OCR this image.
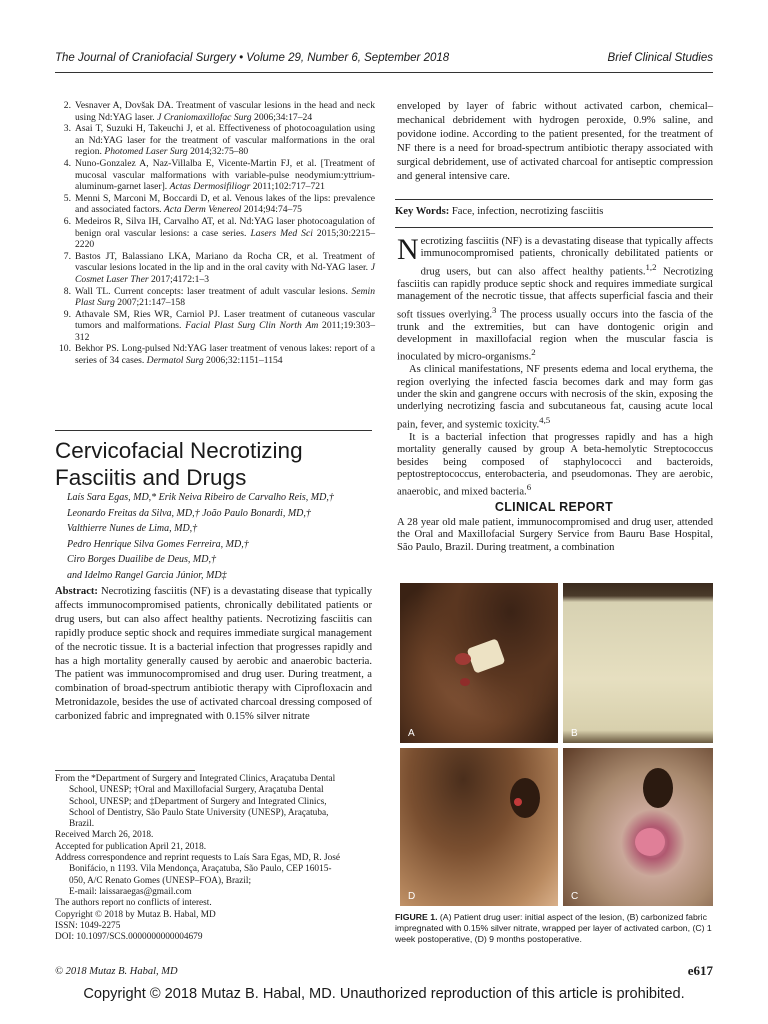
The Journal of Craniofacial Surgery • Volume 29, Number 6, September 2018	Brief Clinical Studies
2. Vesnaver A, Dovšak DA. Treatment of vascular lesions in the head and neck using Nd:YAG laser. J Craniomaxillofac Surg 2006;34:17–24
3. Asai T, Suzuki H, Takeuchi J, et al. Effectiveness of photocoagulation using an Nd:YAG laser for the treatment of vascular malformations in the oral region. Photomed Laser Surg 2014;32:75–80
4. Nuno-Gonzalez A, Naz-Villalba E, Vicente-Martin FJ, et al. [Treatment of mucosal vascular malformations with variable-pulse neodymium:yttrium-aluminum-garnet laser]. Actas Dermosifiliogr 2011;102:717–721
5. Menni S, Marconi M, Boccardi D, et al. Venous lakes of the lips: prevalence and associated factors. Acta Derm Venereol 2014;94:74–75
6. Medeiros R, Silva IH, Carvalho AT, et al. Nd:YAG laser photocoagulation of benign oral vascular lesions: a case series. Lasers Med Sci 2015;30:2215–2220
7. Bastos JT, Balassiano LKA, Mariano da Rocha CR, et al. Treatment of vascular lesions located in the lip and in the oral cavity with Nd-YAG laser. J Cosmet Laser Ther 2017;4172:1–3
8. Wall TL. Current concepts: laser treatment of adult vascular lesions. Semin Plast Surg 2007;21:147–158
9. Athavale SM, Ries WR, Carniol PJ. Laser treatment of cutaneous vascular tumors and malformations. Facial Plast Surg Clin North Am 2011;19:303–312
10. Bekhor PS. Long-pulsed Nd:YAG laser treatment of venous lakes: report of a series of 34 cases. Dermatol Surg 2006;32:1151–1154
Cervicofacial Necrotizing
Fasciitis and Drugs
Laís Sara Egas, MD,* Erik Neiva Ribeiro de Carvalho Reis, MD,†
Leonardo Freitas da Silva, MD,† João Paulo Bonardi, MD,†
Valthierre Nunes de Lima, MD,†
Pedro Henrique Silva Gomes Ferreira, MD,†
Ciro Borges Duailibe de Deus, MD,†
and Idelmo Rangel Garcia Júnior, MD‡
Abstract: Necrotizing fasciitis (NF) is a devastating disease that typically affects immunocompromised patients, chronically debilitated patients or drug users, but can also affect healthy patients. Necrotizing fasciitis can rapidly produce septic shock and requires immediate surgical management of the necrotic tissue. It is a bacterial infection that progresses rapidly and has a high mortality generally caused by aerobic and anaerobic bacteria. The patient was immunocompromised and drug user. During treatment, a combination of broad-spectrum antibiotic therapy with Ciprofloxacin and Metronidazole, besides the use of activated charcoal dressing composed of carbonized fabric and impregnated with 0.15% silver nitrate
From the *Department of Surgery and Integrated Clinics, Araçatuba Dental
School, UNESP; †Oral and Maxillofacial Surgery, Araçatuba Dental
School, UNESP; and ‡Department of Surgery and Integrated Clinics,
School of Dentistry, São Paulo State University (UNESP), Araçatuba,
Brazil.
Received March 26, 2018.
Accepted for publication April 21, 2018.
Address correspondence and reprint requests to Laís Sara Egas, MD, R. José
Bonifácio, n 1193. Vila Mendonça, Araçatuba, São Paulo, CEP 16015-
050, A/C Renato Gomes (UNESP–FOA), Brazil;
E-mail: laissaraegas@gmail.com
The authors report no conflicts of interest.
Copyright © 2018 by Mutaz B. Habal, MD
ISSN: 1049-2275
DOI: 10.1097/SCS.0000000000004679
enveloped by layer of fabric without activated carbon, chemical–mechanical debridement with hydrogen peroxide, 0.9% saline, and povidone iodine. According to the patient presented, for the treatment of NF there is a need for broad-spectrum antibiotic therapy associated with surgical debridement, use of activated charcoal for antiseptic compression and general intensive care.
Key Words: Face, infection, necrotizing fasciitis

Necrotizing fasciitis (NF) is a devastating disease that typically affects immunocompromised patients, chronically debilitated patients or drug users, but can also affect healthy patients.$^{1,2}$ Necrotizing fasciitis can rapidly produce septic shock and requires immediate surgical management of the necrotic tissue, that affects superficial fascia and their soft tissues overlying.$^3$ The process usually occurs into the fascia of the trunk and the extremities, but can have dontogenic origin and development in maxillofacial region when the muscular fascia is inoculated by micro-organisms.$^2$

As clinical manifestations, NF presents edema and local erythema, the region overlying the infected fascia becomes dark and may form gas under the skin and gangrene occurs with necrosis of the skin, exposing the underlying necrotizing fascia and subcutaneous fat, causing acute local pain, fever, and systemic toxicity.$^{4,5}$

It is a bacterial infection that progresses rapidly and has a high mortality generally caused by group A beta-hemolytic Streptococcus besides being composed of staphylococci and bacteroids, peptostreptococcus, enterobacteria, and pseudomonas. They are aerobic, anaerobic, and mixed bacteria.$^6$

CLINICAL REPORT
A 28 year old male patient, immunocompromised and drug user, attended the Oral and Maxillofacial Surgery Service from Bauru Base Hospital, São Paulo, Brazil. During treatment, a combination
A	B
D	C
FIGURE 1. (A) Patient drug user: initial aspect of the lesion, (B) carbonized fabric impregnated with 0.15% silver nitrate, wrapped per layer of activated carbon, (C) 1 week postoperative, (D) 9 months postoperative.
© 2018 Mutaz B. Habal, MD	e617
Copyright © 2018 Mutaz B. Habal, MD. Unauthorized reproduction of this article is prohibited.
